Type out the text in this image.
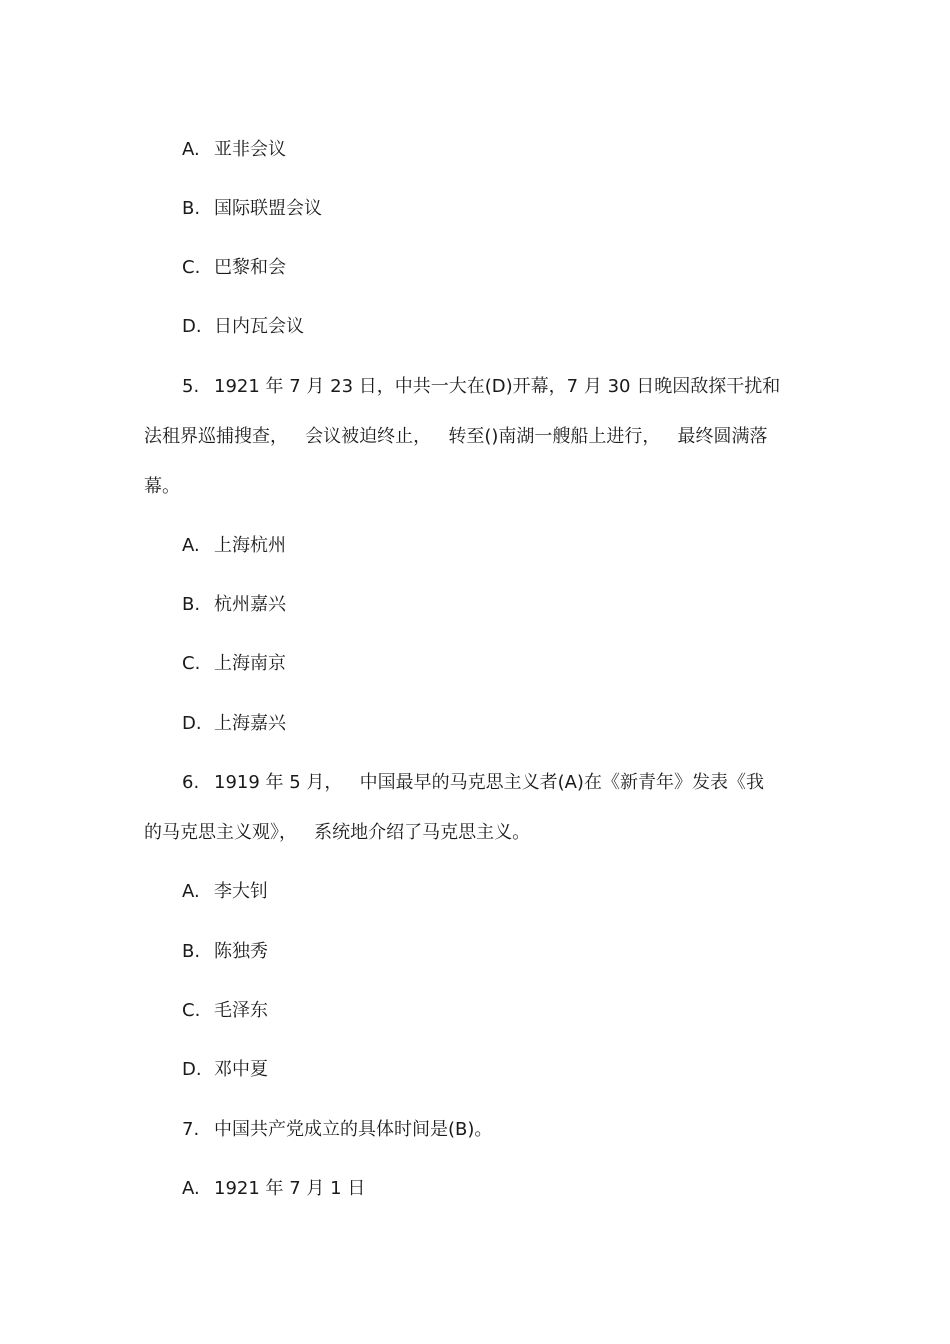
A. 亚非会议
B. 国际联盟会议
C. 巴黎和会
D. 日内瓦会议
5. 1921 年 7 月 23 日，中共一大在(D)开幕，7 月 30 日晚因敌探干扰和
法租界巡捕搜查，   会议被迫终止，   转至()南湖一艘船上进行，   最终圆满落
幕。
A. 上海杭州
B. 杭州嘉兴
C. 上海南京
D. 上海嘉兴
6. 1919 年 5 月，   中国最早的马克思主义者(A)在《新青年》发表《我
的马克思主义观》，   系统地介绍了马克思主义。
A. 李大钊
B. 陈独秀
C. 毛泽东
D. 邓中夏
7. 中国共产党成立的具体时间是(B)。
A. 1921 年 7 月 1 日
